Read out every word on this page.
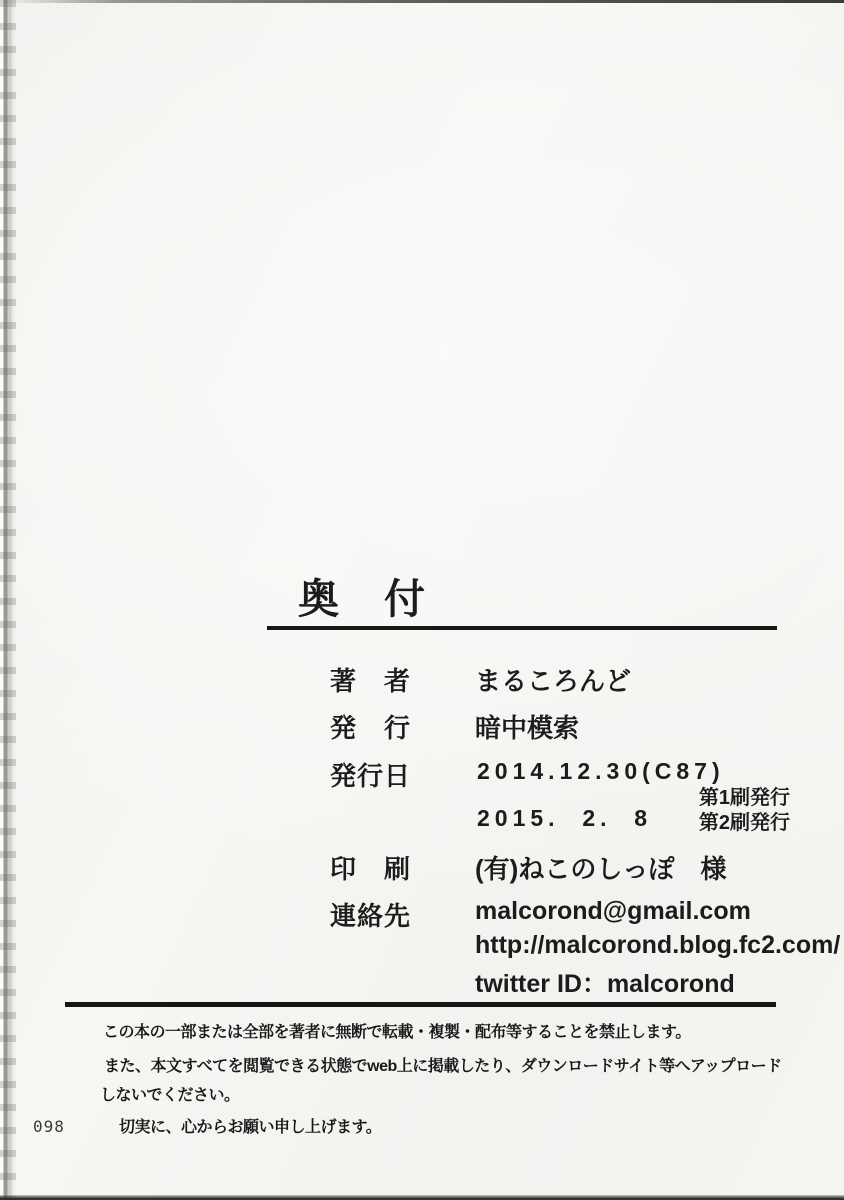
奥　付
著　者 まるころんど
発　行 暗中模索
発行日	2014.12.30(C87)
第1刷発行
2015.  2.  8 第2刷発行
印　刷 (有)ねこのしっぽ　様
連絡先	malcorond@gmail.com
http://malcorond.blog.fc2.com/
twitter ID：malcorond
この本の一部または全部を著者に無断で転載・複製・配布等することを禁止します。
また、本文すべてを閲覧できる状態でweb上に掲載したり、ダウンロードサイト等へアップロード
しないでください。
切実に、心からお願い申し上げます。
098
